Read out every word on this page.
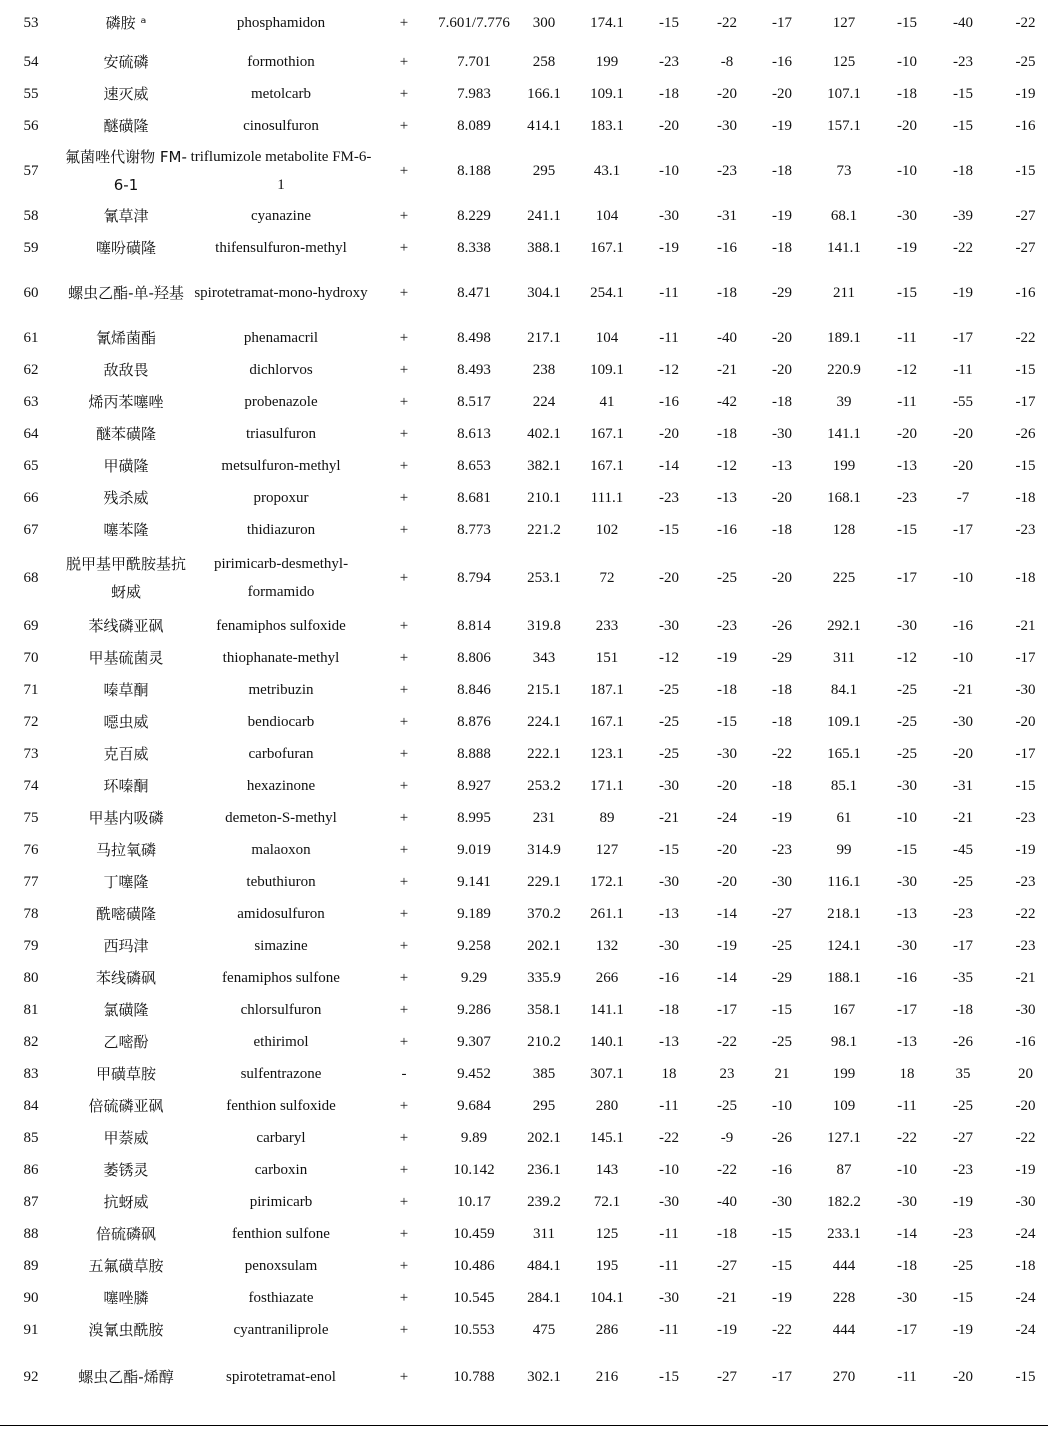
53	磷胺 ᵃ	phosphamidon	+	7.601/7.776	300	174.1	-15	-22	-17	127	-15	-40	-22
54	安硫磷	formothion	+	7.701	258	199	-23	-8	-16	125	-10	-23	-25
55	速灭威	metolcarb	+	7.983	166.1	109.1	-18	-20	-20	107.1	-18	-15	-19
56	醚磺隆	cinosulfuron	+	8.089	414.1	183.1	-20	-30	-19	157.1	-20	-15	-16
57	氟菌唑代谢物 FM-6-1	triflumizole metabolite FM-6-1	+	8.188	295	43.1	-10	-23	-18	73	-10	-18	-15
58	氰草津	cyanazine	+	8.229	241.1	104	-30	-31	-19	68.1	-30	-39	-27
59	噻吩磺隆	thifensulfuron-methyl	+	8.338	388.1	167.1	-19	-16	-18	141.1	-19	-22	-27
60	螺虫乙酯-单-羟基	spirotetramat-mono-hydroxy	+	8.471	304.1	254.1	-11	-18	-29	211	-15	-19	-16
61	氰烯菌酯	phenamacril	+	8.498	217.1	104	-11	-40	-20	189.1	-11	-17	-22
62	敌敌畏	dichlorvos	+	8.493	238	109.1	-12	-21	-20	220.9	-12	-11	-15
63	烯丙苯噻唑	probenazole	+	8.517	224	41	-16	-42	-18	39	-11	-55	-17
64	醚苯磺隆	triasulfuron	+	8.613	402.1	167.1	-20	-18	-30	141.1	-20	-20	-26
65	甲磺隆	metsulfuron-methyl	+	8.653	382.1	167.1	-14	-12	-13	199	-13	-20	-15
66	残杀威	propoxur	+	8.681	210.1	111.1	-23	-13	-20	168.1	-23	-7	-18
67	噻苯隆	thidiazuron	+	8.773	221.2	102	-15	-16	-18	128	-15	-17	-23
68	脱甲基甲酰胺基抗蚜威	pirimicarb-desmethyl-formamido	+	8.794	253.1	72	-20	-25	-20	225	-17	-10	-18
69	苯线磷亚砜	fenamiphos sulfoxide	+	8.814	319.8	233	-30	-23	-26	292.1	-30	-16	-21
70	甲基硫菌灵	thiophanate-methyl	+	8.806	343	151	-12	-19	-29	311	-12	-10	-17
71	嗪草酮	metribuzin	+	8.846	215.1	187.1	-25	-18	-18	84.1	-25	-21	-30
72	噁虫威	bendiocarb	+	8.876	224.1	167.1	-25	-15	-18	109.1	-25	-30	-20
73	克百威	carbofuran	+	8.888	222.1	123.1	-25	-30	-22	165.1	-25	-20	-17
74	环嗪酮	hexazinone	+	8.927	253.2	171.1	-30	-20	-18	85.1	-30	-31	-15
75	甲基内吸磷	demeton-S-methyl	+	8.995	231	89	-21	-24	-19	61	-10	-21	-23
76	马拉氧磷	malaoxon	+	9.019	314.9	127	-15	-20	-23	99	-15	-45	-19
77	丁噻隆	tebuthiuron	+	9.141	229.1	172.1	-30	-20	-30	116.1	-30	-25	-23
78	酰嘧磺隆	amidosulfuron	+	9.189	370.2	261.1	-13	-14	-27	218.1	-13	-23	-22
79	西玛津	simazine	+	9.258	202.1	132	-30	-19	-25	124.1	-30	-17	-23
80	苯线磷砜	fenamiphos sulfone	+	9.29	335.9	266	-16	-14	-29	188.1	-16	-35	-21
81	氯磺隆	chlorsulfuron	+	9.286	358.1	141.1	-18	-17	-15	167	-17	-18	-30
82	乙嘧酚	ethirimol	+	9.307	210.2	140.1	-13	-22	-25	98.1	-13	-26	-16
83	甲磺草胺	sulfentrazone	-	9.452	385	307.1	18	23	21	199	18	35	20
84	倍硫磷亚砜	fenthion sulfoxide	+	9.684	295	280	-11	-25	-10	109	-11	-25	-20
85	甲萘威	carbaryl	+	9.89	202.1	145.1	-22	-9	-26	127.1	-22	-27	-22
86	萎锈灵	carboxin	+	10.142	236.1	143	-10	-22	-16	87	-10	-23	-19
87	抗蚜威	pirimicarb	+	10.17	239.2	72.1	-30	-40	-30	182.2	-30	-19	-30
88	倍硫磷砜	fenthion sulfone	+	10.459	311	125	-11	-18	-15	233.1	-14	-23	-24
89	五氟磺草胺	penoxsulam	+	10.486	484.1	195	-11	-27	-15	444	-18	-25	-18
90	噻唑膦	fosthiazate	+	10.545	284.1	104.1	-30	-21	-19	228	-30	-15	-24
91	溴氰虫酰胺	cyantraniliprole	+	10.553	475	286	-11	-19	-22	444	-17	-19	-24
92	螺虫乙酯-烯醇	spirotetramat-enol	+	10.788	302.1	216	-15	-27	-17	270	-11	-20	-15
